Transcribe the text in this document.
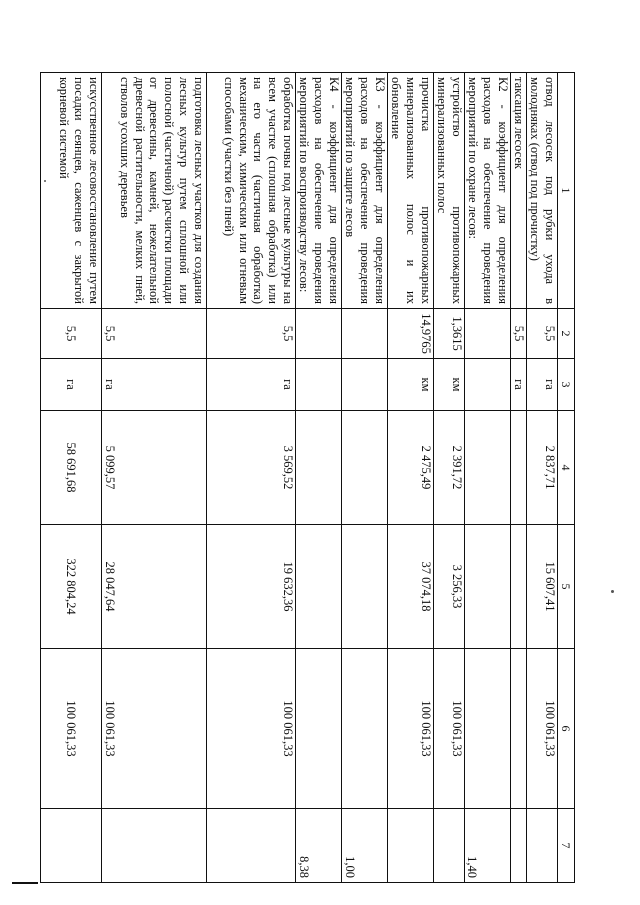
1	2	3	4	5	6	7
отвод лесосек под рубки ухода в молодняках (отвод под прочистку)	5,5	га	2 837,71	15 607,41	100 061,33	
таксация лесосек	5,5	га				
К2 - коэффициент для определения расходов на обеспечение проведения мероприятий по охране лесов:						1,40
устройство противопожарных минерализованных полос	1,3615	км	2 391,72	3 256,33	100 061,33	
прочистка противопожарных минерализованных полос и их обновление	14,9765	км	2 475,49	37 074,18	100 061,33	
К3 - коэффициент для определения расходов на обеспечение проведения мероприятий по защите лесов						1,00
К4 - коэффициент для определения расходов на обеспечение проведения мероприятий по воспроизводству лесов:						8,38
обработка почвы под лесные культуры на всем участке (сплошная обработка) или на его части (частичная обработка) механическим, химическим или огневым способами (участки без пней)	5,5	га	3 569,52	19 632,36	100 061,33	
подготовка лесных участков для создания лесных культур путем сплошной или полосной (частичной) расчистки площади от древесины, камней, нежелательной древесной растительности, мелких пней, стволов усохших деревьев	5,5	га	5 099,57	28 047,64	100 061,33	
искусственное лесовосстановление путем посадки сеянцев, саженцев с закрытой корневой системой	5,5	га	58 691,68	322 804,24	100 061,33	
